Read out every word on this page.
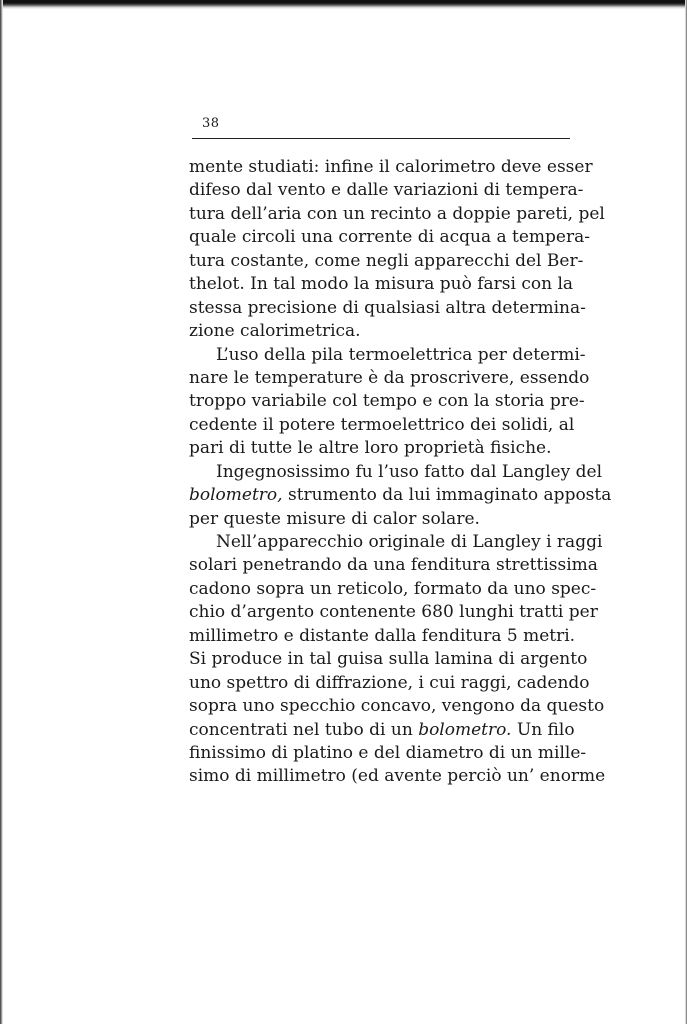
38
mente studiati: infine il calorimetro deve esser
difeso dal vento e dalle variazioni di tempera-
tura dell’aria con un recinto a doppie pareti, pel
quale circoli una corrente di acqua a tempera-
tura costante, come negli apparecchi del Ber-
thelot. In tal modo la misura può farsi con la
stessa precisione di qualsiasi altra determina-
zione calorimetrica.
L’uso della pila termoelettrica per determi-
nare le temperature è da proscrivere, essendo
troppo variabile col tempo e con la storia pre-
cedente il potere termoelettrico dei solidi, al
pari di tutte le altre loro proprietà fisiche.
Ingegnosissimo fu l’uso fatto dal Langley del
bolometro, strumento da lui immaginato apposta
per queste misure di calor solare.
Nell’apparecchio originale di Langley i raggi
solari penetrando da una fenditura strettissima
cadono sopra un reticolo, formato da uno spec-
chio d’argento contenente 680 lunghi tratti per
millimetro e distante dalla fenditura 5 metri.
Si produce in tal guisa sulla lamina di argento
uno spettro di diffrazione, i cui raggi, cadendo
sopra uno specchio concavo, vengono da questo
concentrati nel tubo di un bolometro. Un filo
finissimo di platino e del diametro di un mille-
simo di millimetro (ed avente perciò un’ enorme
